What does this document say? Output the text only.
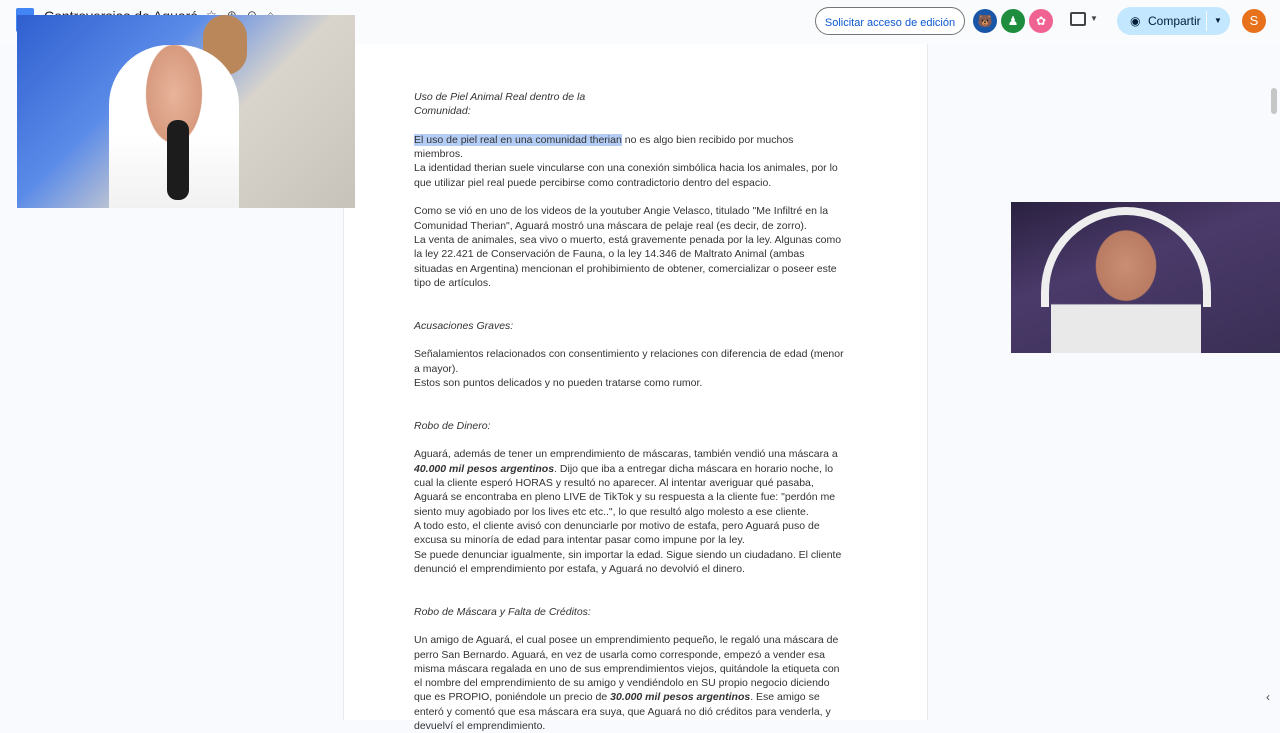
Solicitar acceso de edición	🐻	♟	✿	▼	◉ Compartir ▼	S

Uso de Piel Animal Real dentro de la

Comunidad:

El uso de piel real en una comunidad therian no es algo bien recibido por muchos

miembros.

La identidad therian suele vincularse con una conexión simbólica hacia los animales, por lo

que utilizar piel real puede percibirse como contradictorio dentro del espacio.

Como se vió en uno de los videos de la youtuber Angie Velasco, titulado "Me Infiltré en la

Comunidad Therian", Aguará mostró una máscara de pelaje real (es decir, de zorro).

La venta de animales, sea vivo o muerto, está gravemente penada por la ley. Algunas como

la ley 22.421 de Conservación de Fauna, o la ley 14.346 de Maltrato Animal (ambas

situadas en Argentina) mencionan el prohibimiento de obtener, comercializar o poseer este

tipo de artículos.

Acusaciones Graves:

Señalamientos relacionados con consentimiento y relaciones con diferencia de edad (menor

a mayor).

Estos son puntos delicados y no pueden tratarse como rumor.

Robo de Dinero:

Aguará, además de tener un emprendimiento de máscaras, también vendió una máscara a

40.000 mil pesos argentinos. Dijo que iba a entregar dicha máscara en horario noche, lo

cual la cliente esperó HORAS y resultó no aparecer. Al intentar averiguar qué pasaba,

Aguará se encontraba en pleno LIVE de TikTok y su respuesta a la cliente fue: "perdón me

siento muy agobiado por los lives etc etc..", lo que resultó algo molesto a ese cliente.

A todo esto, el cliente avisó con denunciarle por motivo de estafa, pero Aguará puso de

excusa su minoría de edad para intentar pasar como impune por la ley.

Se puede denunciar igualmente, sin importar la edad. Sigue siendo un ciudadano. El cliente

denunció el emprendimiento por estafa, y Aguará no devolvió el dinero.

Robo de Máscara y Falta de Créditos:

Un amigo de Aguará, el cual posee un emprendimiento pequeño, le regaló una máscara de

perro San Bernardo. Aguará, en vez de usarla como corresponde, empezó a vender esa

misma máscara regalada en uno de sus emprendimientos viejos, quitándole la etiqueta con

el nombre del emprendimiento de su amigo y vendiéndolo en SU propio negocio diciendo

que es PROPIO, poniéndole un precio de 30.000 mil pesos argentinos. Ese amigo se

enteró y comentó que esa máscara era suya, que Aguará no dió créditos para venderla, y

devuelví el emprendimiento.

‹
